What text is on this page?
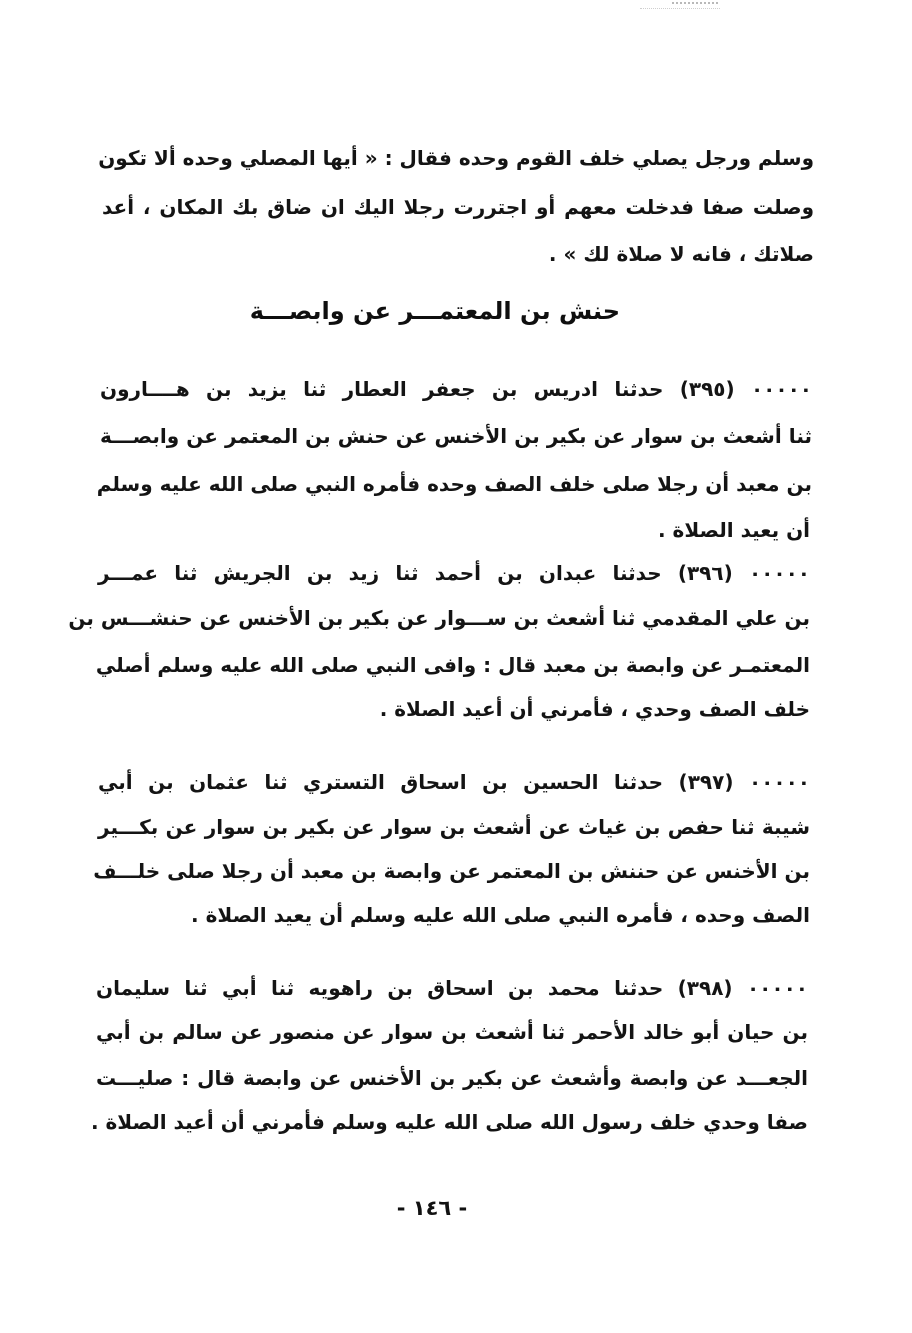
وسلم ورجل يصلي خلف القوم وحده فقال : « أيها المصلي وحده ألا تكون
وصلت صفا فدخلت معهم أو اجتررت رجلا اليك ان ضاق بك المكان ، أعد
صلاتك ، فانه لا صلاة لك » .
حنش بن المعتمـــر عن وابصـــة
٠٠٠٠٠ (٣٩٥) حدثنا ادريس بن جعفر العطار ثنا يزيد بن هــــارون
ثنا أشعث بن سوار عن بكير بن الأخنس عن حنش بن المعتمر عن وابصـــة
بن معبد أن رجلا صلى خلف الصف وحده فأمره النبي صلى الله عليه وسلم
أن يعيد الصلاة .
٠٠٠٠٠ (٣٩٦) حدثنا عبدان بن أحمد ثنا زيد بن الجريش ثنا عمـــر
بن علي المقدمي ثنا أشعث بن ســـوار عن بكير بن الأخنس عن حنشـــس بن
المعتمـر عن وابصة بن معبد قال : وافى النبي صلى الله عليه وسلم أصلي
خلف الصف وحدي ، فأمرني أن أعيد الصلاة .
٠٠٠٠٠ (٣٩٧) حدثنا الحسين بن اسحاق التستري ثنا عثمان بن أبي
شيبة ثنا حفص بن غياث عن أشعث بن سوار عن بكير بن سوار عن بكـــير
بن الأخنس عن حننش بن المعتمر عن وابصة بن معبد أن رجلا صلى خلـــف
الصف وحده ، فأمره النبي صلى الله عليه وسلم أن يعيد الصلاة .
٠٠٠٠٠ (٣٩٨) حدثنا محمد بن اسحاق بن راهويه ثنا أبي ثنا سليمان
بن حيان أبو خالد الأحمر ثنا أشعث بن سوار عن منصور عن سالم بن أبي
الجعـــد عن وابصة وأشعث عن بكير بن الأخنس عن وابصة قال : صليـــت
صفا وحدي خلف رسول الله صلى الله عليه وسلم فأمرني أن أعيد الصلاة .
- ١٤٦ -
